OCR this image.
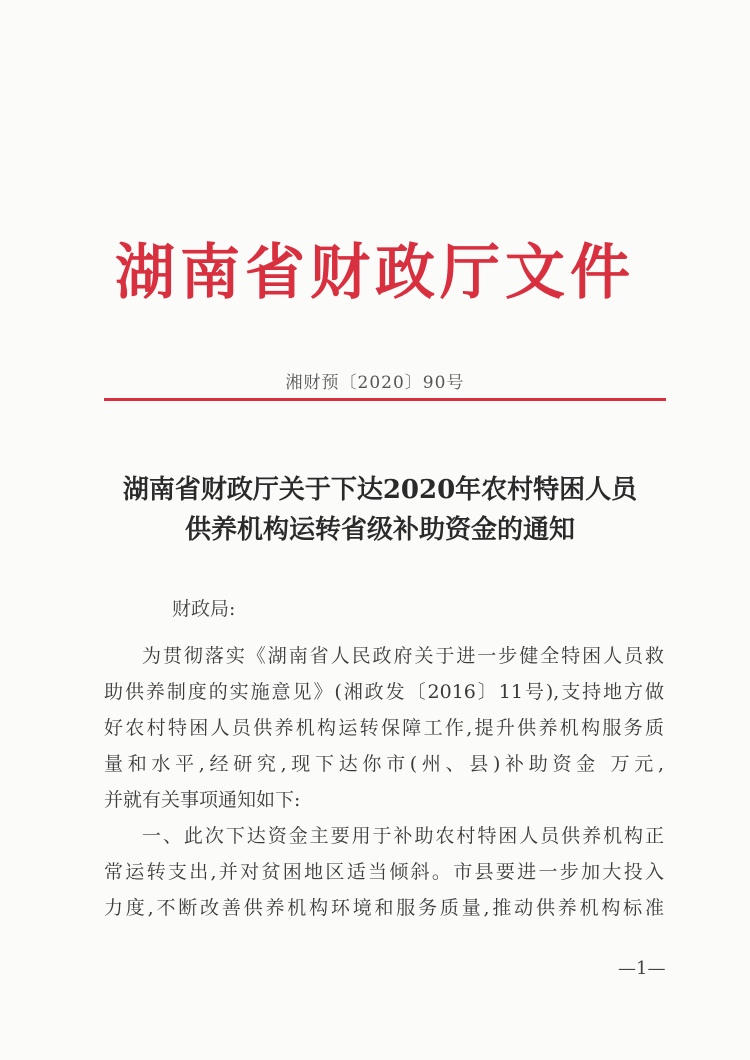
湖南省财政厅文件
湘财预〔2020〕90号
湖南省财政厅关于下达2020年农村特困人员
供养机构运转省级补助资金的通知
财政局:
为贯彻落实《湖南省人民政府关于进一步健全特困人员救
助供养制度的实施意见》(湘政发〔2016〕11号),支持地方做
好农村特困人员供养机构运转保障工作,提升供养机构服务质
量和水平,经研究,现下达你市(州、县)补助资金 万元,
并就有关事项通知如下:
一、此次下达资金主要用于补助农村特困人员供养机构正
常运转支出,并对贫困地区适当倾斜。市县要进一步加大投入
力度,不断改善供养机构环境和服务质量,推动供养机构标准
—1—
